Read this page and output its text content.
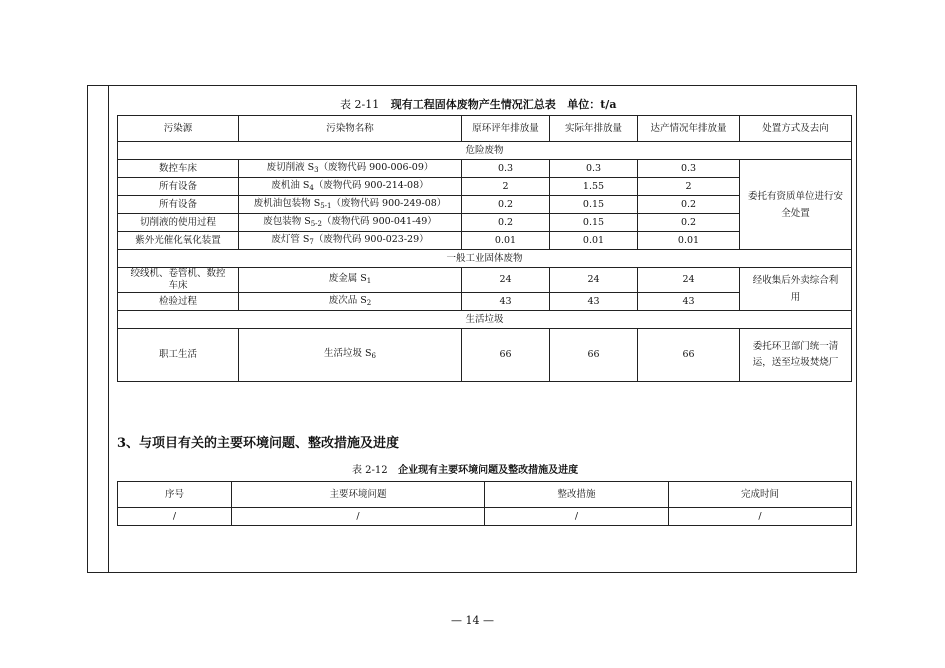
表 2-11 现有工程固体废物产生情况汇总表 单位：t/a
污染源	污染物名称	原环评年排放量	实际年排放量	达产情况年排放量	处置方式及去向
危险废物					
数控车床	废切削液 $S_3$（废物代码 900-006-09）	0.3	0.3	0.3	委托有资质单位进行安全处置
所有设备	废机油 $S_4$（废物代码 900-214-08）	2	1.55	2	
所有设备	废机油包装物 $S_{5-1}$（废物代码 900-249-08）	0.2	0.15	0.2	
切削液的使用过程	废包装物 $S_{5-2}$（废物代码 900-041-49）	0.2	0.15	0.2	
紫外光催化氧化装置	废灯管 $S_7$（废物代码 900-023-29）	0.01	0.01	0.01	
一般工业固体废物					
绞线机、卷管机、数控车床	废金属 $S_1$	24	24	24	经收集后外卖综合利用
检验过程	废次品 $S_2$	43	43	43	
生活垃圾					
职工生活	生活垃圾 $S_6$	66	66	66	委托环卫部门统一清运，送至垃圾焚烧厂
3、与项目有关的主要环境问题、整改措施及进度
表 2-12 企业现有主要环境问题及整改措施及进度
序号	主要环境问题	整改措施	完成时间
/	/	/	/
— 14 —
